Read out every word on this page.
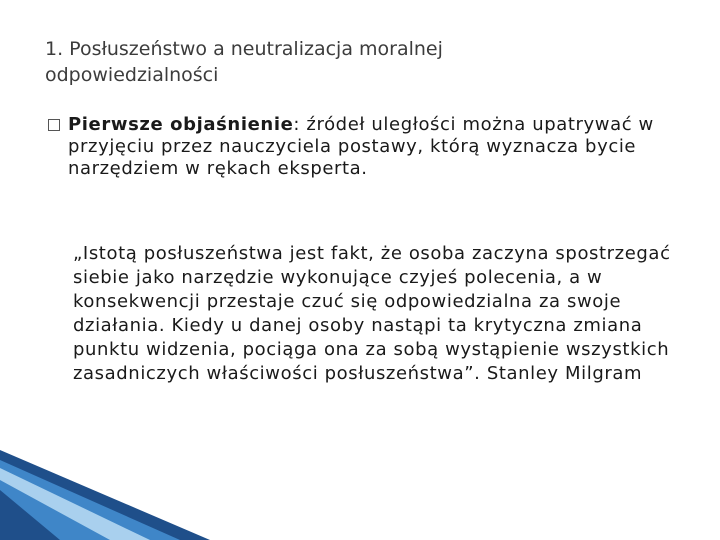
1. Posłuszeństwo a neutralizacja moralnej
odpowiedzialności
Pierwsze objaśnienie: źródeł uległości można upatrywać w przyjęciu przez nauczyciela postawy, którą wyznacza bycie narzędziem w rękach eksperta.
„Istotą posłuszeństwa jest fakt, że osoba zaczyna spostrzegać siebie jako narzędzie wykonujące czyjeś polecenia, a w konsekwencji przestaje czuć się odpowiedzialna za swoje działania. Kiedy u danej osoby nastąpi ta krytyczna zmiana punktu widzenia, pociąga ona za sobą wystąpienie wszystkich zasadniczych właściwości posłuszeństwa”. Stanley Milgram
